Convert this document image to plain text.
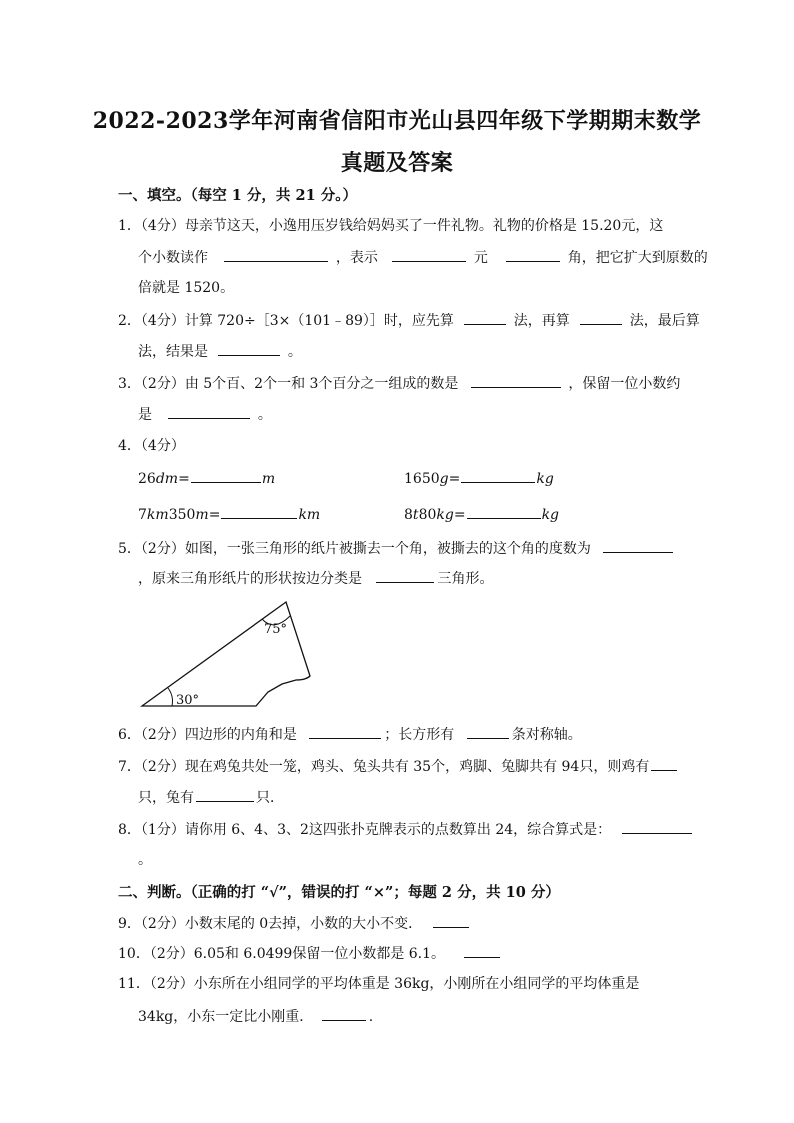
2022-2023学年河南省信阳市光山县四年级下学期期末数学
真题及答案
一、填空。（每空 1 分，共 21 分。）
1．（4分）母亲节这天，小逸用压岁钱给妈妈买了一件礼物。礼物的价格是 15.20元，这
个小数读作	，表示	元	角，把它扩大到原数的
倍就是 1520。
2．（4分）计算 720÷［3×（101﹣89）］时，应先算	法，再算	法，最后算
法，结果是	。
3．（2分）由 5个百、2个一和 3个百分之一组成的数是	，保留一位小数约
是	。
4．（4分）
26dm=	m	1650g=	kg
7km350m=	km	8t80kg=	kg
5．（2分）如图，一张三角形的纸片被撕去一个角，被撕去的这个角的度数为
，原来三角形纸片的形状按边分类是	三角形。
75°
30°
6．（2分）四边形的内角和是	；长方形有	条对称轴。
7．（2分）现在鸡兔共处一笼，鸡头、兔头共有 35个，鸡脚、兔脚共有 94只，则鸡有
只，兔有	只．
8．（1分）请你用 6、4、3、2这四张扑克牌表示的点数算出 24，综合算式是：
。
二、判断。（正确的打 “√”，错误的打 “×”；每题 2 分，共 10 分）
9．（2分）小数末尾的 0去掉，小数的大小不变．
10．（2分）6.05和 6.0499保留一位小数都是 6.1。
11．（2分）小东所在小组同学的平均体重是 36kg，小刚所在小组同学的平均体重是
34kg，小东一定比小刚重．	.
